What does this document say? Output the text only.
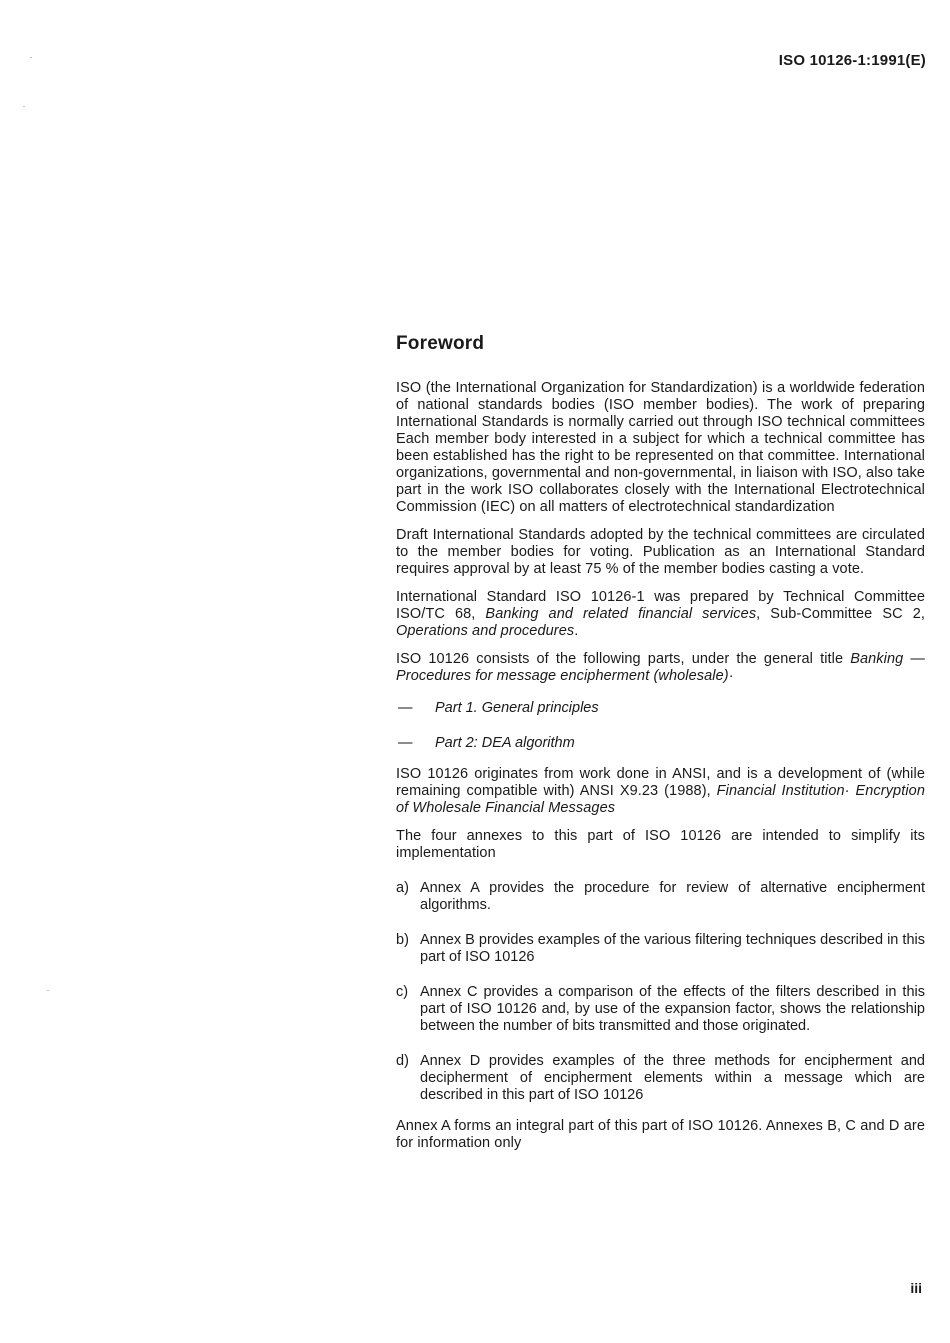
ISO 10126-1:1991(E)
Foreword

ISO (the International Organization for Standardization) is a worldwide federation of national standards bodies (ISO member bodies). The work of preparing International Standards is normally carried out through ISO technical committees Each member body interested in a subject for which a technical committee has been established has the right to be represented on that committee. International organizations, governmental and non-governmental, in liaison with ISO, also take part in the work ISO collaborates closely with the International Electrotechnical Commission (IEC) on all matters of electrotechnical standardization

Draft International Standards adopted by the technical committees are circulated to the member bodies for voting. Publication as an International Standard requires approval by at least 75 % of the member bodies casting a vote.

International Standard ISO 10126-1 was prepared by Technical Committee ISO/TC 68, Banking and related financial services, Sub-Committee SC 2, Operations and procedures.

ISO 10126 consists of the following parts, under the general title Banking — Procedures for message encipherment (wholesale)·

— Part 1. General principles
— Part 2: DEA algorithm

ISO 10126 originates from work done in ANSI, and is a development of (while remaining compatible with) ANSI X9.23 (1988), Financial Institution· Encryption of Wholesale Financial Messages

The four annexes to this part of ISO 10126 are intended to simplify its implementation

a) Annex A provides the procedure for review of alternative encipherment algorithms.
b) Annex B provides examples of the various filtering techniques described in this part of ISO 10126
c) Annex C provides a comparison of the effects of the filters described in this part of ISO 10126 and, by use of the expansion factor, shows the relationship between the number of bits transmitted and those originated.
d) Annex D provides examples of the three methods for encipherment and decipherment of encipherment elements within a message which are described in this part of ISO 10126

Annex A forms an integral part of this part of ISO 10126. Annexes B, C and D are for information only

iii
